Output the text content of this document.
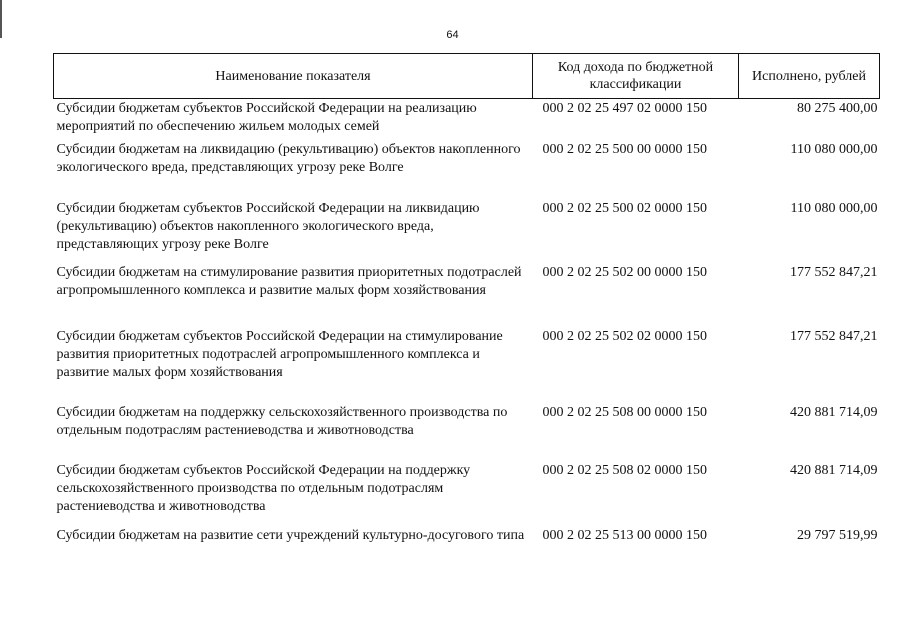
64
Наименование показателя	Код дохода по бюджетной классификации	Исполнено, рублей
Субсидии бюджетам субъектов Российской Федерации на реализацию мероприятий по обеспечению жильем молодых семей	000 2 02 25 497 02 0000 150	80 275 400,00
Субсидии бюджетам на ликвидацию (рекультивацию) объектов накопленного экологического вреда, представляющих угрозу реке Волге	000 2 02 25 500 00 0000 150	110 080 000,00
Субсидии бюджетам субъектов Российской Федерации на ликвидацию (рекультивацию) объектов накопленного экологического вреда, представляющих угрозу реке Волге	000 2 02 25 500 02 0000 150	110 080 000,00
Субсидии бюджетам на стимулирование развития приоритетных подотраслей агропромышленного комплекса и развитие малых форм хозяйствования	000 2 02 25 502 00 0000 150	177 552 847,21
Субсидии бюджетам субъектов Российской Федерации на стимулирование развития приоритетных подотраслей агропромышленного комплекса и развитие малых форм хозяйствования	000 2 02 25 502 02 0000 150	177 552 847,21
Субсидии бюджетам на поддержку сельскохозяйственного производства по отдельным подотраслям растениеводства и животноводства	000 2 02 25 508 00 0000 150	420 881 714,09
Субсидии бюджетам субъектов Российской Федерации на поддержку сельскохозяйственного производства по отдельным подотраслям растениеводства и животноводства	000 2 02 25 508 02 0000 150	420 881 714,09
Субсидии бюджетам на развитие сети учреждений культурно-досугового типа	000 2 02 25 513 00 0000 150	29 797 519,99
